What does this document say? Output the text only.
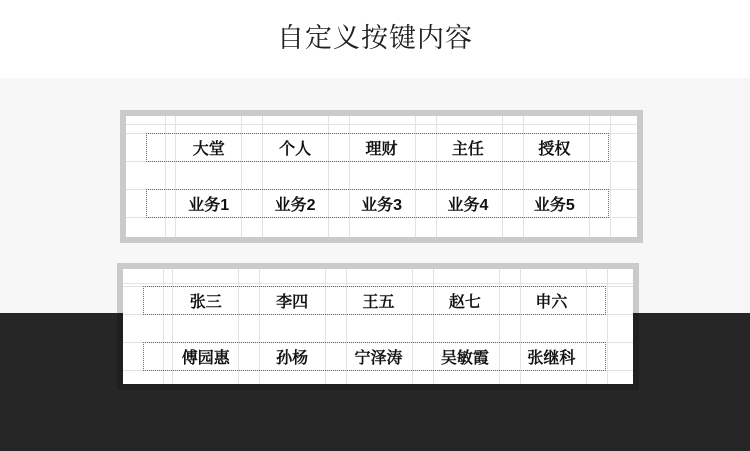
自定义按键内容
大堂	个人	理财	主任	授权
业务1	业务2	业务3	业务4	业务5
张三	李四	王五	赵七	申六
傅园惠	孙杨	宁泽涛	吴敏霞	张继科
